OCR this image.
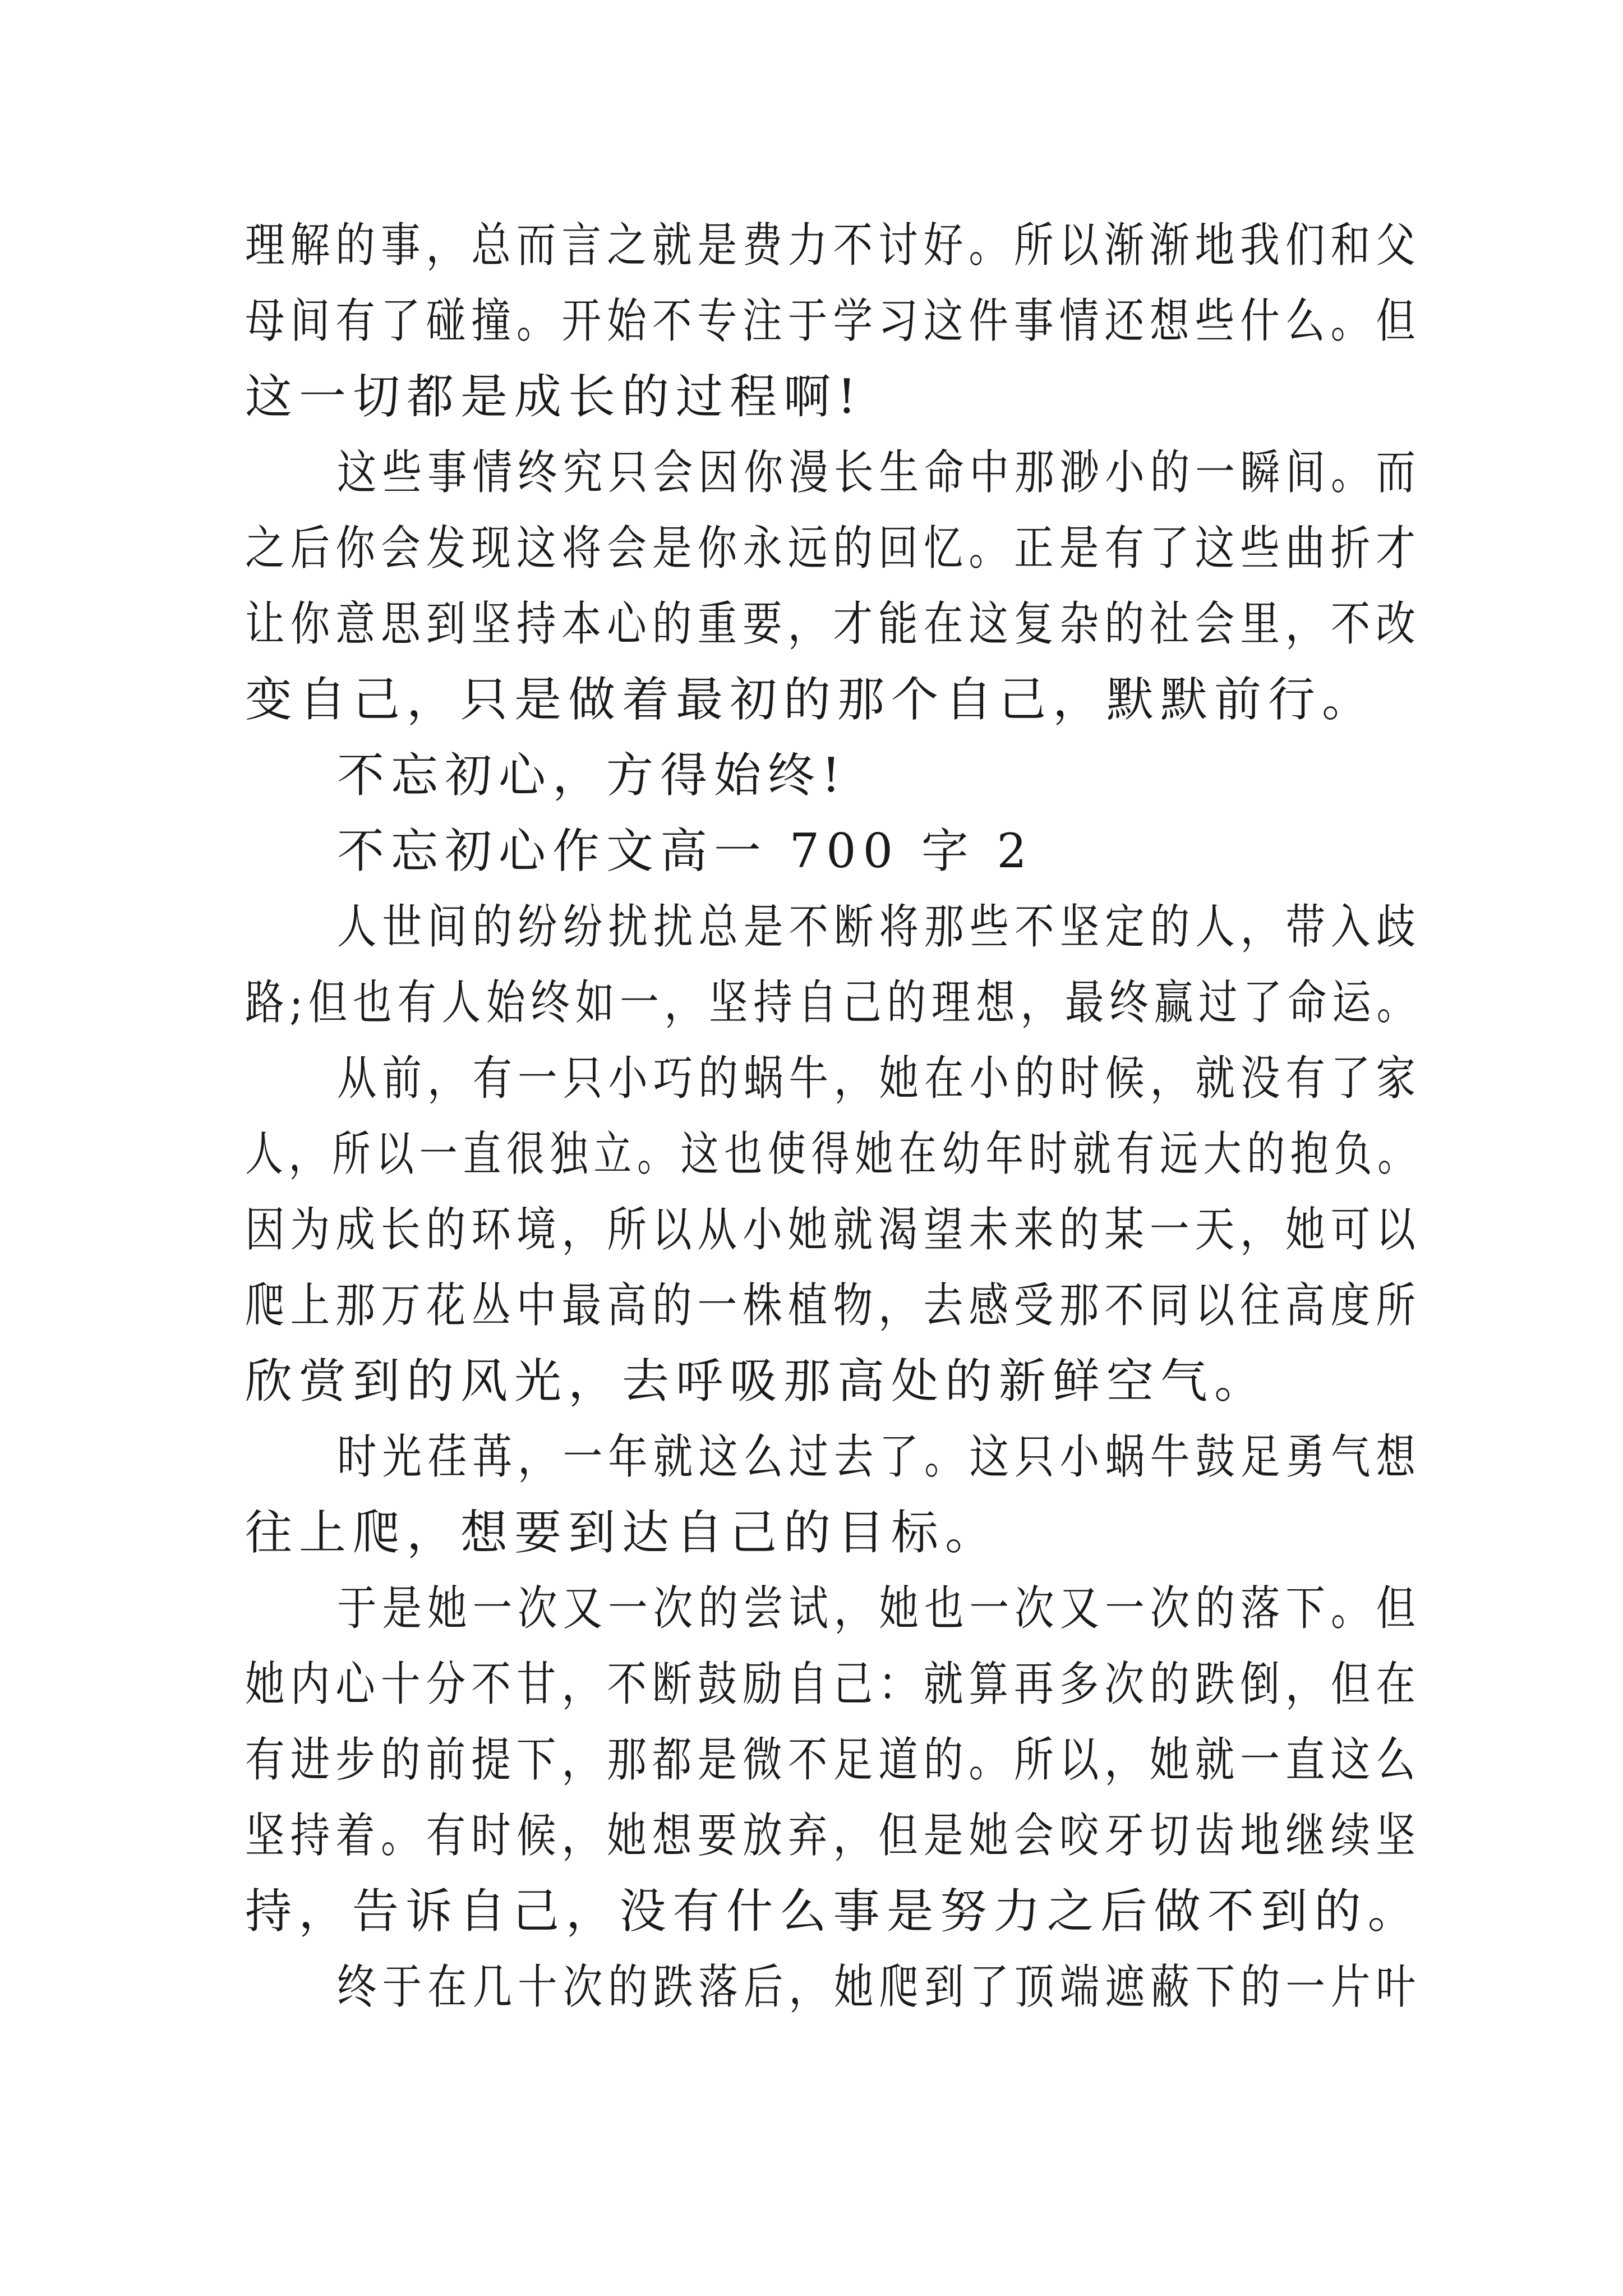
理解的事，总而言之就是费力不讨好。所以渐渐地我们和父

母间有了碰撞。开始不专注于学习这件事情还想些什么。但

这一切都是成长的过程啊!

这些事情终究只会因你漫长生命中那渺小的一瞬间。而

之后你会发现这将会是你永远的回忆。正是有了这些曲折才

让你意思到坚持本心的重要，才能在这复杂的社会里，不改

变自己，只是做着最初的那个自己，默默前行。

不忘初心，方得始终!

不忘初心作文高一 700 字 2

人世间的纷纷扰扰总是不断将那些不坚定的人，带入歧

路;但也有人始终如一，坚持自己的理想，最终赢过了命运。

从前，有一只小巧的蜗牛，她在小的时候，就没有了家

人，所以一直很独立。这也使得她在幼年时就有远大的抱负。

因为成长的环境，所以从小她就渴望未来的某一天，她可以

爬上那万花丛中最高的一株植物，去感受那不同以往高度所

欣赏到的风光，去呼吸那高处的新鲜空气。

时光荏苒，一年就这么过去了。这只小蜗牛鼓足勇气想

往上爬，想要到达自己的目标。

于是她一次又一次的尝试，她也一次又一次的落下。但

她内心十分不甘，不断鼓励自己：就算再多次的跌倒，但在

有进步的前提下，那都是微不足道的。所以，她就一直这么

坚持着。有时候，她想要放弃，但是她会咬牙切齿地继续坚

持，告诉自己，没有什么事是努力之后做不到的。

终于在几十次的跌落后，她爬到了顶端遮蔽下的一片叶
